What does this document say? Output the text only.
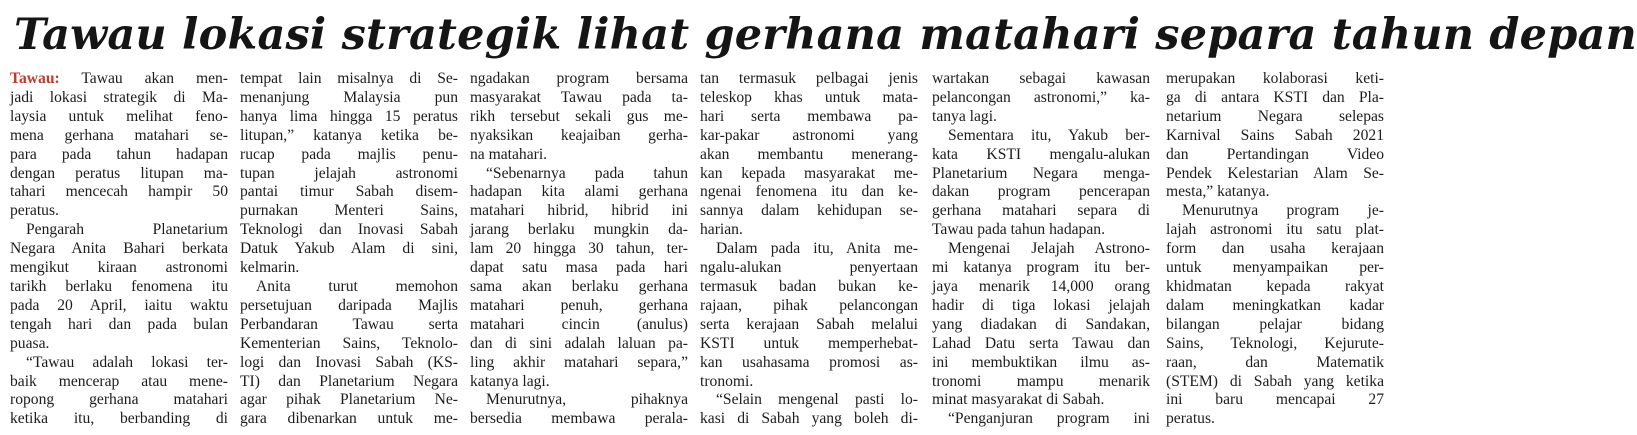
Tawau lokasi strategik lihat gerhana matahari separa tahun depan
Tawau: Tawau akan men-
jadi lokasi strategik di Ma-
laysia untuk melihat feno-
mena gerhana matahari se-
para pada tahun hadapan
dengan peratus litupan ma-
tahari mencecah hampir 50
peratus.
Pengarah Planetarium
Negara Anita Bahari berkata
mengikut kiraan astronomi
tarikh berlaku fenomena itu
pada 20 April, iaitu waktu
tengah hari dan pada bulan
puasa.
“Tawau adalah lokasi ter-
baik mencerap atau mene-
ropong gerhana matahari
ketika itu, berbanding di
tempat lain misalnya di Se-
menanjung Malaysia pun
hanya lima hingga 15 peratus
litupan,” katanya ketika be-
rucap pada majlis penu-
tupan jelajah astronomi
pantai timur Sabah disem-
purnakan Menteri Sains,
Teknologi dan Inovasi Sabah
Datuk Yakub Alam di sini,
kelmarin.
Anita turut memohon
persetujuan daripada Majlis
Perbandaran Tawau serta
Kementerian Sains, Teknolo-
logi dan Inovasi Sabah (KS-
TI) dan Planetarium Negara
agar pihak Planetarium Ne-
gara dibenarkan untuk me-
ngadakan program bersama
masyarakat Tawau pada ta-
rikh tersebut sekali gus me-
nyaksikan keajaiban gerha-
na matahari.
“Sebenarnya pada tahun
hadapan kita alami gerhana
matahari hibrid, hibrid ini
jarang berlaku mungkin da-
lam 20 hingga 30 tahun, ter-
dapat satu masa pada hari
sama akan berlaku gerhana
matahari penuh, gerhana
matahari cincin (anulus)
dan di sini adalah laluan pa-
ling akhir matahari separa,”
katanya lagi.
Menurutnya, pihaknya
bersedia membawa perala-
tan termasuk pelbagai jenis
teleskop khas untuk mata-
hari serta membawa pa-
kar-pakar astronomi yang
akan membantu menerang-
kan kepada masyarakat me-
ngenai fenomena itu dan ke-
sannya dalam kehidupan se-
harian.
Dalam pada itu, Anita me-
ngalu-alukan penyertaan
termasuk badan bukan ke-
rajaan, pihak pelancongan
serta kerajaan Sabah melalui
KSTI untuk memperhebat-
kan usahasama promosi as-
tronomi.
“Selain mengenal pasti lo-
kasi di Sabah yang boleh di-
wartakan sebagai kawasan
pelancongan astronomi,” ka-
tanya lagi.
Sementara itu, Yakub ber-
kata KSTI mengalu-alukan
Planetarium Negara menga-
dakan program pencerapan
gerhana matahari separa di
Tawau pada tahun hadapan.
Mengenai Jelajah Astrono-
mi katanya program itu ber-
jaya menarik 14,000 orang
hadir di tiga lokasi jelajah
yang diadakan di Sandakan,
Lahad Datu serta Tawau dan
ini membuktikan ilmu as-
tronomi mampu menarik
minat masyarakat di Sabah.
“Penganjuran program ini
merupakan kolaborasi keti-
ga di antara KSTI dan Pla-
netarium Negara selepas
Karnival Sains Sabah 2021
dan Pertandingan Video
Pendek Kelestarian Alam Se-
mesta,” katanya.
Menurutnya program je-
lajah astronomi itu satu plat-
form dan usaha kerajaan
untuk menyampaikan per-
khidmatan kepada rakyat
dalam meningkatkan kadar
bilangan pelajar bidang
Sains, Teknologi, Kejurute-
raan, dan Matematik
(STEM) di Sabah yang ketika
ini baru mencapai 27
peratus.
